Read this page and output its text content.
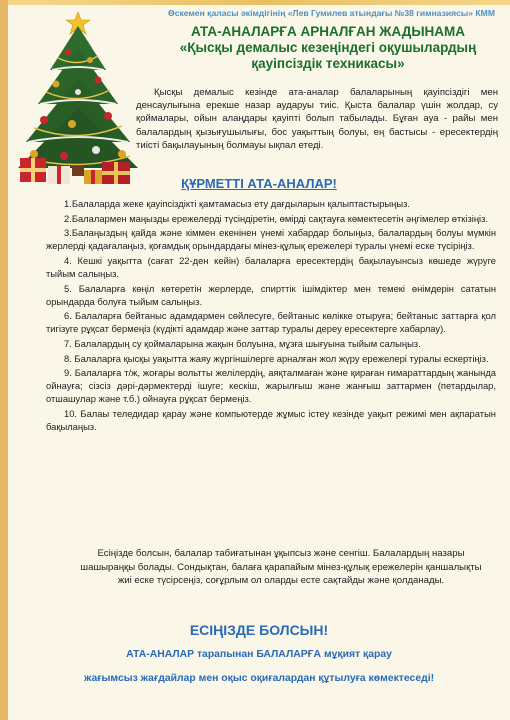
Өскемен қаласы әкімдігінің «Лев Гумилев атындағы №38 гимназиясы» КММ
АТА-АНАЛАРҒА АРНАЛҒАН ЖАДЫНАМА
«Қысқы демалыс кезеңіндегі оқушылардың
қауіпсіздік техникасы»
Қысқы демалыс кезінде ата-аналар балаларының қауіпсіздігі мен денсаулығына ерекше назар аударуы тиіс. Қыста балалар үшін жолдар, су қоймалары, ойын алаңдары қауіпті болып табылады. Бұған ауа - райы мен балалардың қызығушылығы, бос уақыттың болуы, ең бастысы - ересектердің тиісті бақылауының болмауы ықпал етеді.
ҚҰРМЕТТІ АТА-АНАЛАР!

1.Балаларда жеке қауіпсіздікті қамтамасыз ету дағдыларын қалыптастырыңыз.

2.Балалармен маңызды ережелерді түсіндіретін, өмірді сақтауға көмектесетін әңгімелер өткізіңіз.

3.Балаңыздың қайда және кіммен екенінен үнемі хабардар болыңыз, балалардың болуы мүмкін жерлерді қадағалаңыз, қоғамдық орындардағы мінез-құлық ережелері туралы үнемі еске түсіріңіз.

4. Кешкі уақытта (сағат 22-ден кейін) балаларға ересектердің бақылауынсыз көшеде жүруге тыйым салыңыз.

5. Балаларға көңіл көтеретін жерлерде, спирттік ішімдіктер мен темекі өнімдерін сататын орындарда болуға тыйым салыңыз.

6. Балаларға бейтаныс адамдармен сөйлесуге, бейтаныс көлікке отыруға; бейтаныс заттарға қол тигізуге рұқсат бермеңіз (күдікті адамдар және заттар туралы дереу ересектерге хабарлау).

7. Балалардың су қоймаларына жақын болуына, мұзға шығуына тыйым салыңыз.

8. Балаларға қысқы уақытта жаяу жүргіншілерге арналған жол жүру ережелері туралы ескертіңіз.

9. Балаларға т/ж, жоғары вольтты желілердің, аяқталмаған және қираған ғимараттардың жанында ойнауға; сізсіз дәрі-дәрмектерді ішуге; кескіш, жарылғыш және жанғыш заттармен (петардылар, отшашулар және т.б.) ойнауға рұқсат бермеңіз.

10. Балаы теледидар қарау және компьютерде жұмыс істеу кезінде уақыт режимі мен ақпаратын бақылаңыз.

Есіңізде болсын, балалар табиғатынан ұқыпсыз және сенгіш. Балалардың назары шашыраңқы болады. Сондықтан, балаға қарапайым мінез-құлық ережелерін қаншалықты жиі еске түсірсеңіз, соғұрлым ол оларды есте сақтайды және қолданады.
ЕСІҢІЗДЕ БОЛСЫН!
АТА-АНАЛАР тарапынан БАЛАЛАРҒА мұқият қарау
жағымсыз жағдайлар мен оқыс оқиғалардан құтылуға көмектеседі!
